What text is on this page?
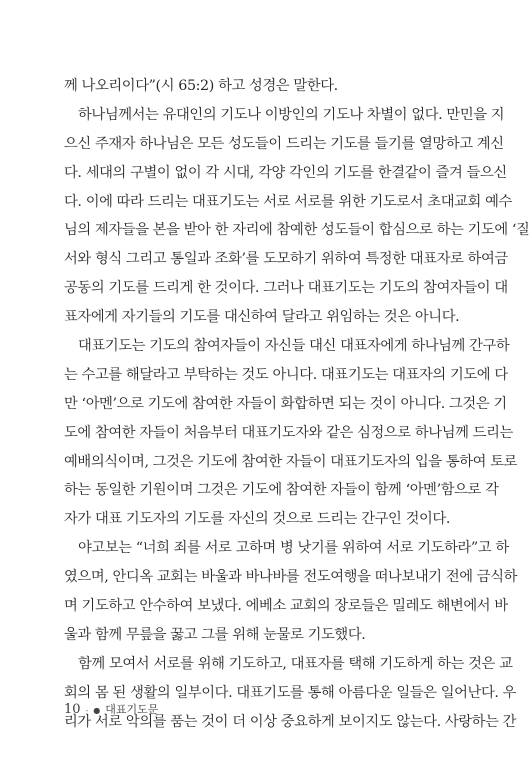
께 나오리이다”(시 65:2) 하고 성경은 말한다.
하나님께서는 유대인의 기도나 이방인의 기도나 차별이 없다. 만민을 지
으신 주재자 하나님은 모든 성도들이 드리는 기도를 들기를 열망하고 계신
다. 세대의 구별이 없이 각 시대, 각양 각인의 기도를 한결같이 즐겨 들으신
다. 이에 따라 드리는 대표기도는 서로 서로를 위한 기도로서 초대교회 예수
님의 제자들을 본을 받아 한 자리에 참예한 성도들이 합심으로 하는 기도에 ‘질
서와 형식 그리고 통일과 조화’를 도모하기 위하여 특정한 대표자로 하여금
공동의 기도를 드리게 한 것이다. 그러나 대표기도는 기도의 참여자들이 대
표자에게 자기들의 기도를 대신하여 달라고 위임하는 것은 아니다.
대표기도는 기도의 참여자들이 자신들 대신 대표자에게 하나님께 간구하
는 수고를 해달라고 부탁하는 것도 아니다. 대표기도는 대표자의 기도에 다
만 ‘아멘’으로 기도에 참여한 자들이 화합하면 되는 것이 아니다. 그것은 기
도에 참여한 자들이 처음부터 대표기도자와 같은 심정으로 하나님께 드리는
예배의식이며, 그것은 기도에 참여한 자들이 대표기도자의 입을 통하여 토로
하는 동일한 기원이며 그것은 기도에 참여한 자들이 함께 ‘아멘’함으로 각
자가 대표 기도자의 기도를 자신의 것으로 드리는 간구인 것이다.
야고보는 “너희 죄를 서로 고하며 병 낫기를 위하여 서로 기도하라”고 하
였으며, 안디옥 교회는 바울과 바나바를 전도여행을 떠나보내기 전에 금식하
며 기도하고 안수하여 보냈다. 에베소 교회의 장로들은 밀레도 해변에서 바
울과 함께 무릎을 꿇고 그를 위해 눈물로 기도했다.
함께 모여서 서로를 위해 기도하고, 대표자를 택해 기도하게 하는 것은 교
회의 몸 된 생활의 일부이다. 대표기도를 통해 아름다운 일들은 일어난다. 우
리가 서로 악의를 품는 것이 더 이상 중요하게 보이지도 않는다. 사랑하는 간
10 - ● 대표기도문
